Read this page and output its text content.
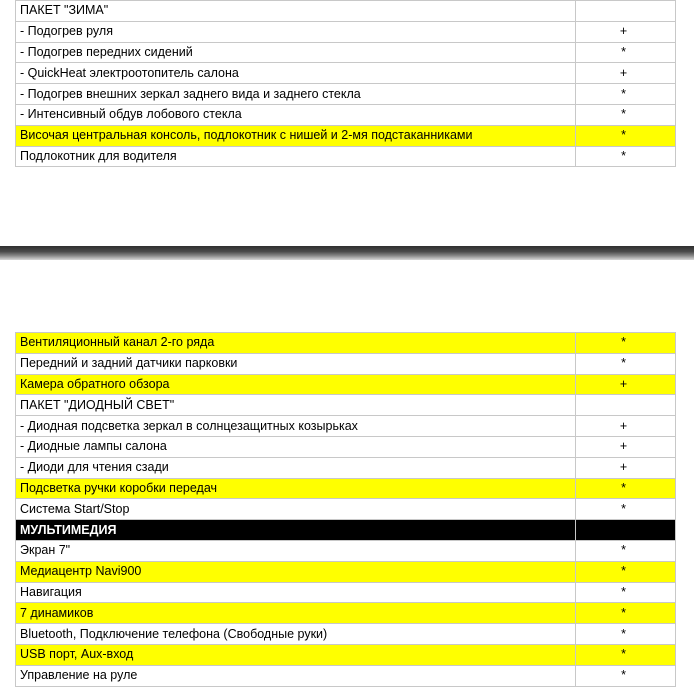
ПАКЕТ "ЗИМА"	
- Подогрев руля	+
- Подогрев передних сидений	*
- QuickHeat электроотопитель салона	+
- Подогрев внешних зеркал заднего вида и заднего стекла	*
- Интенсивный обдув лобового стекла	*
Височая центральная консоль, подлокотник с нишей и 2-мя подстаканниками	*
Подлокотник для водителя	*
Вентиляционный канал 2-го ряда	*
Передний и задний датчики парковки	*
Камера обратного обзора	+
ПАКЕТ "ДИОДНЫЙ СВЕТ"	
- Диодная подсветка зеркал в солнцезащитных козырьках	+
- Диодные лампы салона	+
- Диоди для чтения сзади	+
Подсветка ручки коробки передач	*
Система Start/Stop	*
МУЛЬТИМЕДИЯ	
Экран 7"	*
Медиацентр Navi900	*
Навигация	*
7 динамиков	*
Bluetooth, Подключение телефона (Свободные руки)	*
USB порт, Aux-вход	*
Управление на руле	*
